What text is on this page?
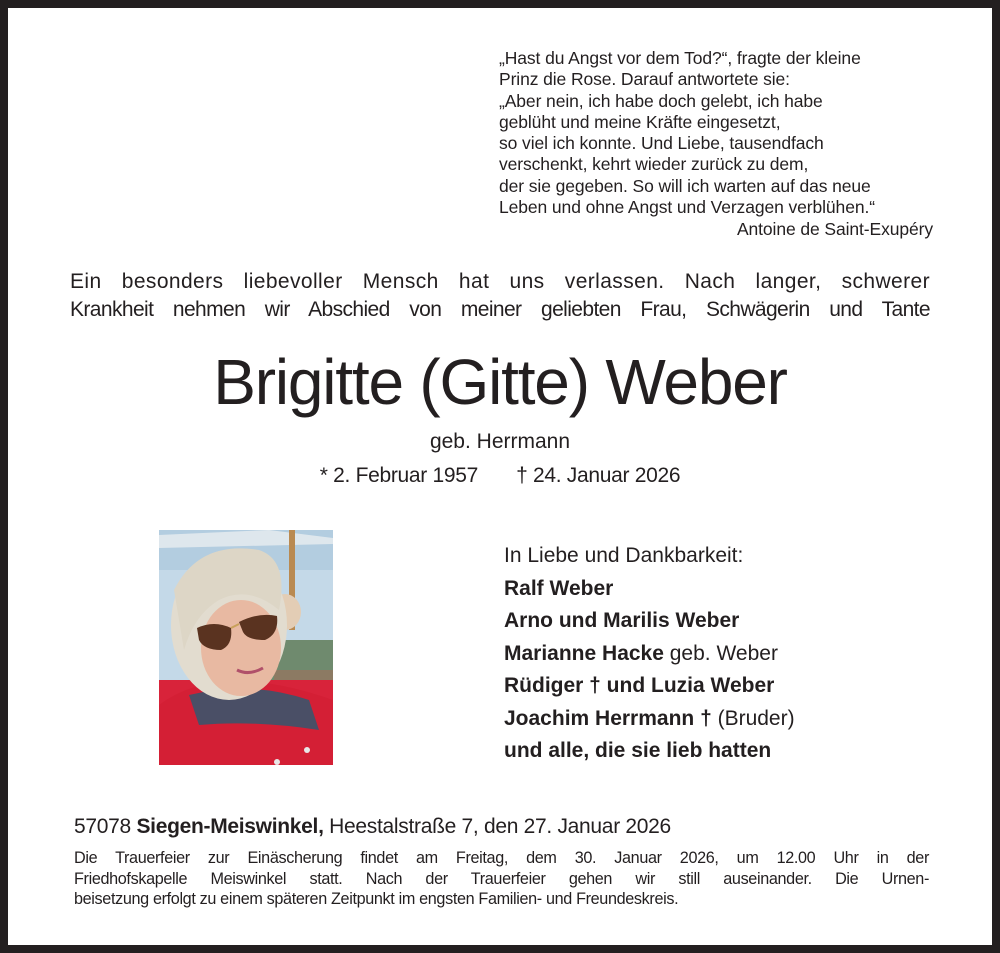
„Hast du Angst vor dem Tod?“, fragte der kleine
Prinz die Rose. Darauf antwortete sie:
„Aber nein, ich habe doch gelebt, ich habe
geblüht und meine Kräfte eingesetzt,
so viel ich konnte. Und Liebe, tausendfach
verschenkt, kehrt wieder zurück zu dem,
der sie gegeben. So will ich warten auf das neue
Leben und ohne Angst und Verzagen verblühen.“
Antoine de Saint-Exupéry
Ein besonders liebevoller Mensch hat uns verlassen. Nach langer, schwerer
Krankheit nehmen wir Abschied von meiner geliebten Frau, Schwägerin und Tante
Brigitte (Gitte) Weber
geb. Herrmann
* 2. Februar 1957 † 24. Januar 2026
In Liebe und Dankbarkeit:
Ralf Weber
Arno und Marilis Weber
Marianne Hacke geb. Weber
Rüdiger † und Luzia Weber
Joachim Herrmann † (Bruder)
und alle, die sie lieb hatten
57078 Siegen-Meiswinkel, Heestalstraße 7, den 27. Januar 2026
Die Trauerfeier zur Einäscherung findet am Freitag, dem 30. Januar 2026, um 12.00 Uhr in der
Friedhofskapelle Meiswinkel statt. Nach der Trauerfeier gehen wir still auseinander. Die Urnen-
beisetzung erfolgt zu einem späteren Zeitpunkt im engsten Familien- und Freundeskreis.
